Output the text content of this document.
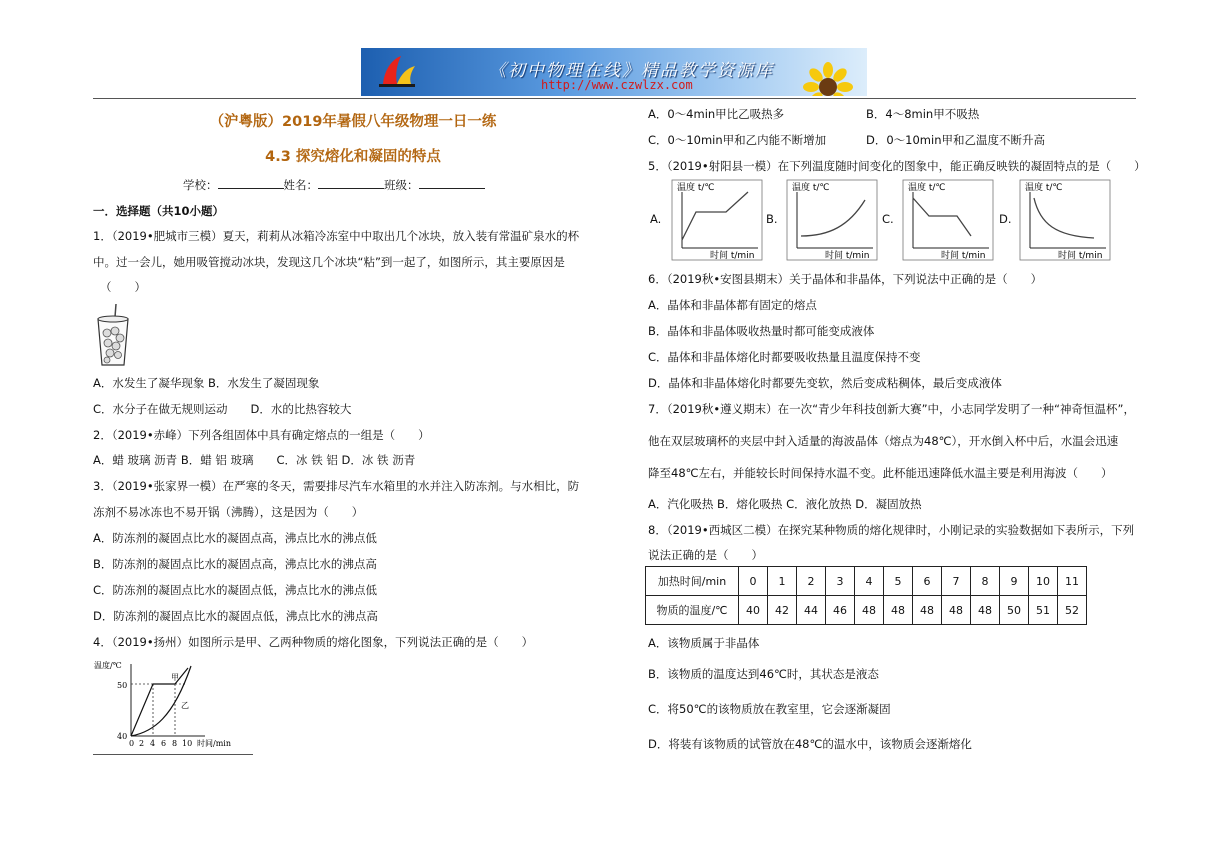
《初中物理在线》精品教学资源库
http://www.czwlzx.com
（沪粤版）2019年暑假八年级物理一日一练
4.3 探究熔化和凝固的特点
学校：	姓名：	班级：
一．选择题（共10小题）
1．（2019•肥城市三模）夏天，莉莉从冰箱冷冻室中中取出几个冰块，放入装有常温矿泉水的杯
中。过一会儿，她用吸管搅动冰块，发现这几个冰块“粘”到一起了，如图所示，其主要原因是
（　　）
A．水发生了凝华现象 B．水发生了凝固现象
C．水分子在做无规则运动　　D．水的比热容较大
2．（2019•赤峰）下列各组固体中具有确定熔点的一组是（　　）
A．蜡 玻璃 沥青 B．蜡 铝 玻璃　　C．冰 铁 铝 D．冰 铁 沥青
3．（2019•张家界一模）在严寒的冬天，需要排尽汽车水箱里的水并注入防冻剂。与水相比，防
冻剂不易冰冻也不易开锅（沸腾），这是因为（　　）
A．防冻剂的凝固点比水的凝固点高，沸点比水的沸点低
B．防冻剂的凝固点比水的凝固点高，沸点比水的沸点高
C．防冻剂的凝固点比水的凝固点低，沸点比水的沸点低
D．防冻剂的凝固点比水的凝固点低，沸点比水的沸点高
4．（2019•扬州）如图所示是甲、乙两种物质的熔化图象，下列说法正确的是（　　）
温度/℃
50
40
甲
乙
0 2 4 6 8 10 时间/min
A．0～4min甲比乙吸热多	B．4～8min甲不吸热
C．0～10min甲和乙内能不断增加	D．0～10min甲和乙温度不断升高
5．（2019•射阳县一模）在下列温度随时间变化的图象中，能正确反映铁的凝固特点的是（　　）
A.
温度 t/℃
时间 t/min
B.
温度 t/℃
时间 t/min
C.
温度 t/℃
时间 t/min
D.
温度 t/℃
时间 t/min
6．（2019秋•安图县期末）关于晶体和非晶体，下列说法中正确的是（　　）
A．晶体和非晶体都有固定的熔点
B．晶体和非晶体吸收热量时都可能变成液体
C．晶体和非晶体熔化时都要吸收热量且温度保持不变
D．晶体和非晶体熔化时都要先变软，然后变成粘稠体，最后变成液体
7．（2019秋•遵义期末）在一次“青少年科技创新大赛”中，小志同学发明了一种“神奇恒温杯”，
他在双层玻璃杯的夹层中封入适量的海波晶体（熔点为48℃），开水倒入杯中后，水温会迅速
降至48℃左右，并能较长时间保持水温不变。此杯能迅速降低水温主要是利用海波（　　）
A．汽化吸热 B．熔化吸热 C．液化放热 D．凝固放热
8．（2019•西城区二模）在探究某种物质的熔化规律时，小刚记录的实验数据如下表所示，下列
说法正确的是（　　）
加热时间/min	0	1	2	3	4	5	6	7	8	9	10	11
物质的温度/℃	40	42	44	46	48	48	48	48	48	50	51	52
A．该物质属于非晶体
B．该物质的温度达到46℃时，其状态是液态
C．将50℃的该物质放在教室里，它会逐渐凝固
D．将装有该物质的试管放在48℃的温水中，该物质会逐渐熔化
